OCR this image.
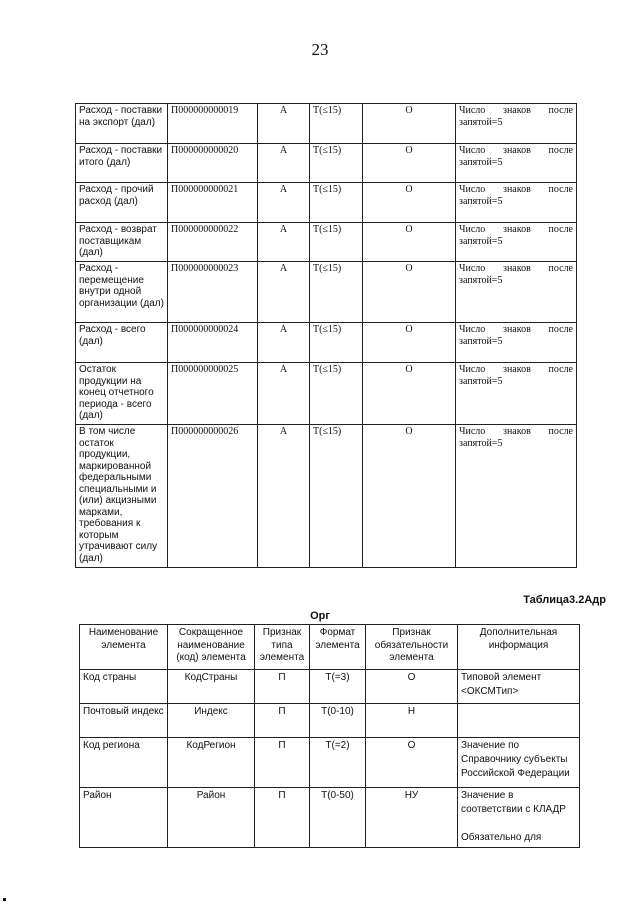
23
Расход - поставки на экспорт (дал)	П000000000019	А	Т(≤15)	О	Число знаков после запятой=5
Расход - поставки итого (дал)	П000000000020	А	Т(≤15)	О	Число знаков после запятой=5
Расход - прочий расход (дал)	П000000000021	А	Т(≤15)	О	Число знаков после запятой=5
Расход - возврат поставщикам (дал)	П000000000022	А	Т(≤15)	О	Число знаков после запятой=5
Расход - перемещение внутри одной организации (дал)	П000000000023	А	Т(≤15)	О	Число знаков после запятой=5
Расход - всего (дал)	П000000000024	А	Т(≤15)	О	Число знаков после запятой=5
Остаток продукции на конец отчетного периода - всего (дал)	П000000000025	А	Т(≤15)	О	Число знаков после запятой=5
В том числе остаток продукции, маркированной федеральными специальными и (или) акцизными марками, требования к которым утрачивают силу (дал)	П000000000026	А	Т(≤15)	О	Число знаков после запятой=5
Таблица3.2Адр
Орг
Наименование элемента	Сокращенное наименование (код) элемента	Признак типа элемента	Формат элемента	Признак обязательности элемента	Дополнительная информация
Код страны	КодСтраны	П	T(=3)	О	Типовой элемент <ОКСМТип>
Почтовый индекс	Индекс	П	T(0-10)	Н	
Код региона	КодРегион	П	T(=2)	О	Значение по Справочнику субъекты Российской Федерации
Район	Район	П	T(0-50)	НУ	Значение в соответствии с КЛАДР

Обязательно для
